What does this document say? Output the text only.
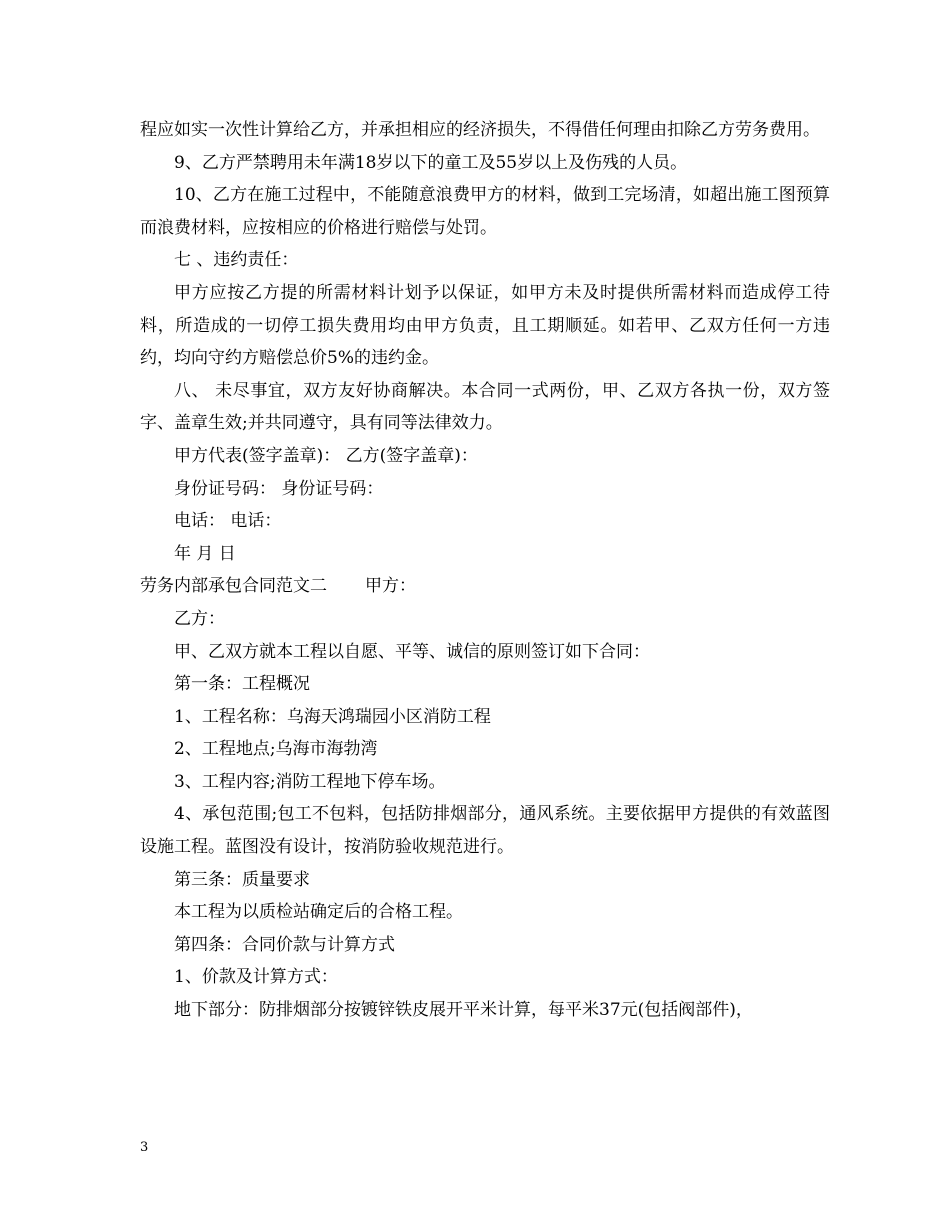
程应如实一次性计算给乙方，并承担相应的经济损失，不得借任何理由扣除乙方劳务费用。

9、乙方严禁聘用未年满18岁以下的童工及55岁以上及伤残的人员。

10、乙方在施工过程中，不能随意浪费甲方的材料，做到工完场清，如超出施工图预算而浪费材料，应按相应的价格进行赔偿与处罚。

七 、违约责任：

甲方应按乙方提的所需材料计划予以保证，如甲方未及时提供所需材料而造成停工待料，所造成的一切停工损失费用均由甲方负责，且工期顺延。如若甲、乙双方任何一方违约，均向守约方赔偿总价5%的违约金。

八、 未尽事宜，双方友好协商解决。本合同一式两份，甲、乙双方各执一份，双方签字、盖章生效;并共同遵守，具有同等法律效力。

甲方代表(签字盖章)： 乙方(签字盖章)：

身份证号码： 身份证号码：

电话： 电话：

年 月 日

劳务内部承包合同范文二 甲方：

乙方：

甲、乙双方就本工程以自愿、平等、诚信的原则签订如下合同：

第一条：工程概况

1、工程名称：乌海天鸿瑞园小区消防工程

2、工程地点;乌海市海勃湾

3、工程内容;消防工程地下停车场。

4、承包范围;包工不包料，包括防排烟部分，通风系统。主要依据甲方提供的有效蓝图设施工程。蓝图没有设计，按消防验收规范进行。

第三条：质量要求

本工程为以质检站确定后的合格工程。

第四条：合同价款与计算方式

1、价款及计算方式：

地下部分：防排烟部分按镀锌铁皮展开平米计算，每平米37元(包括阀部件)，

3
